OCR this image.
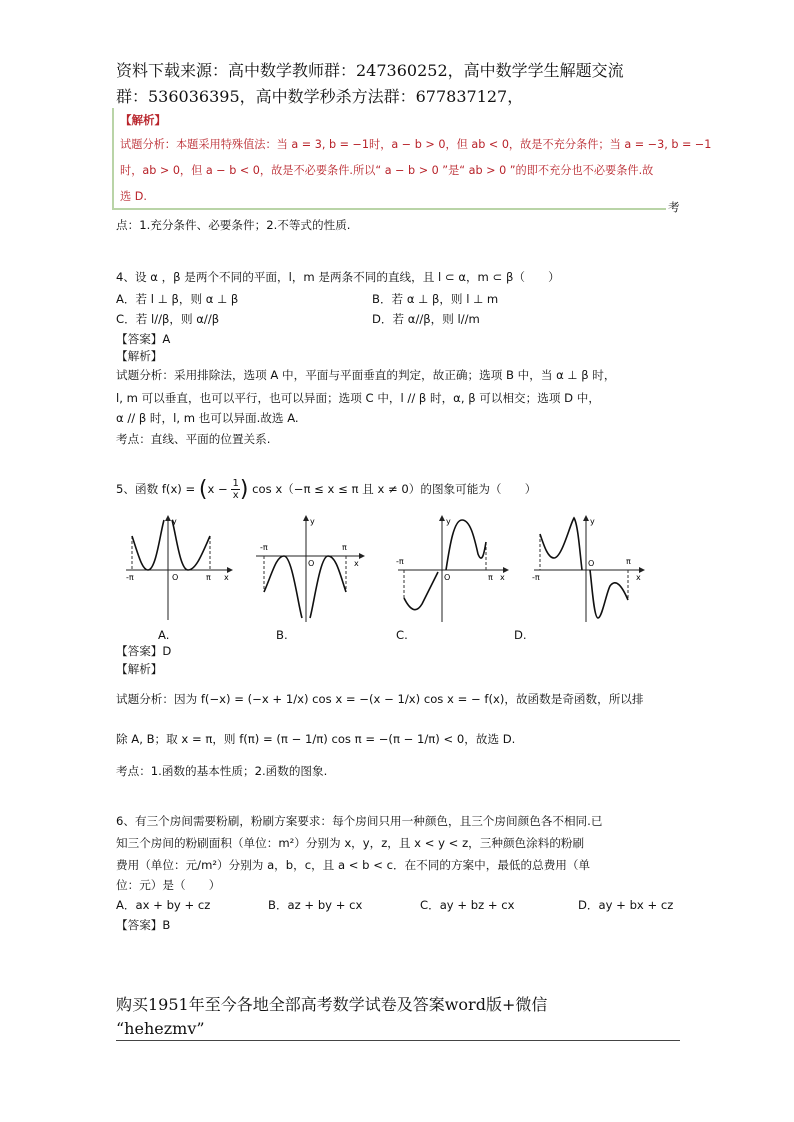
资料下载来源：高中数学教师群：247360252，高中数学学生解题交流
群：536036395，高中数学秒杀方法群：677837127，
【解析】
试题分析：本题采用特殊值法：当 a = 3, b = −1时，a − b > 0，但 ab < 0，故是不充分条件；当 a = −3, b = −1
时，ab > 0，但 a − b < 0，故是不必要条件.所以“ a − b > 0 ”是“ ab > 0 ”的即不充分也不必要条件.故
选 D.
考
点：1.充分条件、必要条件；2.不等式的性质.
4、设 α ，β 是两个不同的平面，l，m 是两条不同的直线，且 l ⊂ α，m ⊂ β（　　）
A．若 l ⊥ β，则 α ⊥ β	B．若 α ⊥ β，则 l ⊥ m
C．若 l//β，则 α//β	D．若 α//β，则 l//m
【答案】A
【解析】
试题分析：采用排除法，选项 A 中，平面与平面垂直的判定，故正确；选项 B 中，当 α ⊥ β 时，
l, m 可以垂直，也可以平行，也可以异面；选项 C 中，l // β 时，α, β 可以相交；选项 D 中，
α // β 时，l, m 也可以异面.故选 A.
考点：直线、平面的位置关系.
5、函数 $f(x) = (x - \frac{1}{x}$ ) cos x（−π ≤ x ≤ π 且 x ≠ 0）的图象可能为（　　）
-π	O	π x
y
-π
O
π
x
y
-π
O	π x
y
-π
O	π
x
y
A.	B.	C.	D.
【答案】D
【解析】
试题分析：因为 f(−x) = (−x + 1/x) cos x = −(x − 1/x) cos x = − f(x)，故函数是奇函数，所以排
除 A, B；取 x = π，则 f(π) = (π − 1/π) cos π = −(π − 1/π) < 0，故选 D.
考点：1.函数的基本性质；2.函数的图象.
6、有三个房间需要粉刷，粉刷方案要求：每个房间只用一种颜色，且三个房间颜色各不相同.已
知三个房间的粉刷面积（单位：m²）分别为 x，y，z，且 x < y < z，三种颜色涂料的粉刷
费用（单位：元/m²）分别为 a，b，c，且 a < b < c．在不同的方案中，最低的总费用（单
位：元）是（　　）
A．ax + by + cz	B．az + by + cx	C．ay + bz + cx	D．ay + bx + cz
【答案】B
购买1951年至今各地全部高考数学试卷及答案word版+微信
“hehezmv”
